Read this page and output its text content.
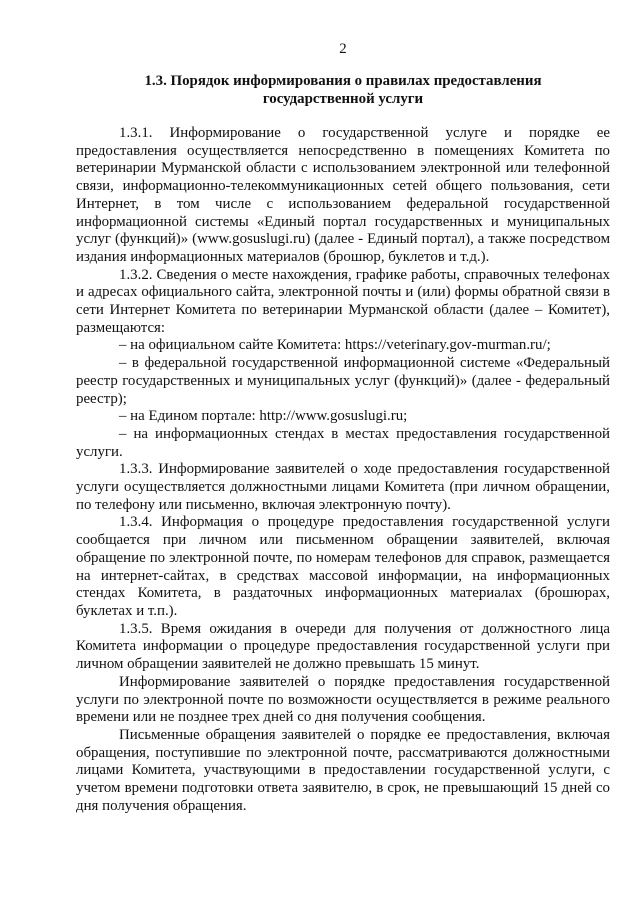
2
1.3. Порядок информирования о правилах предоставления
государственной услуги

1.3.1. Информирование о государственной услуге и порядке ее предоставления осуществляется непосредственно в помещениях Комитета по ветеринарии Мурманской области с использованием электронной или телефонной связи, информационно-телекоммуникационных сетей общего пользования, сети Интернет, в том числе с использованием федеральной государственной информационной системы «Единый портал государственных и муниципальных услуг (функций)» (www.gosuslugi.ru) (далее - Единый портал), а также посредством издания информационных материалов (брошюр, буклетов и т.д.).

1.3.2. Сведения о месте нахождения, графике работы, справочных телефонах и адресах официального сайта, электронной почты и (или) формы обратной связи в сети Интернет Комитета по ветеринарии Мурманской области (далее – Комитет), размещаются:

– на официальном сайте Комитета: https://veterinary.gov-murman.ru/;

– в федеральной государственной информационной системе «Федеральный реестр государственных и муниципальных услуг (функций)» (далее - федеральный реестр);

– на Едином портале: http://www.gosuslugi.ru;

– на информационных стендах в местах предоставления государственной услуги.

1.3.3. Информирование заявителей о ходе предоставления государственной услуги осуществляется должностными лицами Комитета (при личном обращении, по телефону или письменно, включая электронную почту).

1.3.4. Информация о процедуре предоставления государственной услуги сообщается при личном или письменном обращении заявителей, включая обращение по электронной почте, по номерам телефонов для справок, размещается на интернет-сайтах, в средствах массовой информации, на информационных стендах Комитета, в раздаточных информационных материалах (брошюрах, буклетах и т.п.).

1.3.5. Время ожидания в очереди для получения от должностного лица Комитета информации о процедуре предоставления государственной услуги при личном обращении заявителей не должно превышать 15 минут.

Информирование заявителей о порядке предоставления государственной услуги по электронной почте по возможности осуществляется в режиме реального времени или не позднее трех дней со дня получения сообщения.

Письменные обращения заявителей о порядке ее предоставления, включая обращения, поступившие по электронной почте, рассматриваются должностными лицами Комитета, участвующими в предоставлении государственной услуги, с учетом времени подготовки ответа заявителю, в срок, не превышающий 15 дней со дня получения обращения.
